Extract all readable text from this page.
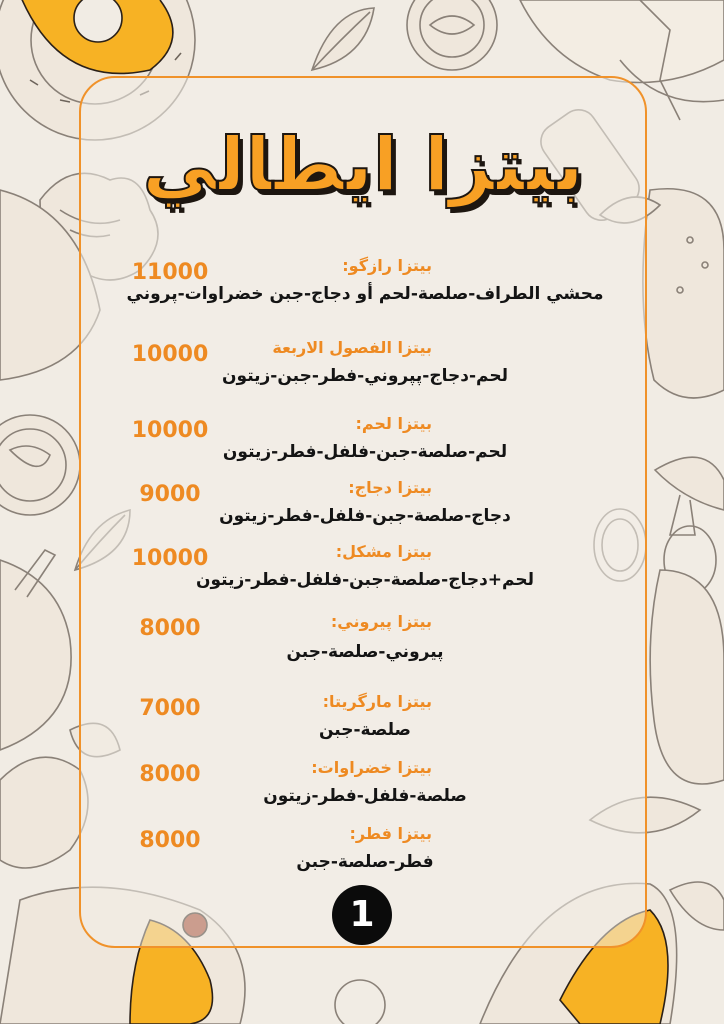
بيتزا ايطالي
11000	بيتزا رازگو:
محشي الطراف-صلصة-لحم أو دجاج-جبن خضراوات-پروني
10000	بيتزا الفصول الاربعة
لحم-دجاج-پپروني-فطر-جبن-زيتون
10000	بيتزا لحم:
لحم-صلصة-جبن-فلفل-فطر-زيتون
9000	بيتزا دجاج:
دجاج-صلصة-جبن-فلفل-فطر-زيتون
10000	بيتزا مشكل:
لحم+دجاج-صلصة-جبن-فلفل-فطر-زيتون
8000	بيتزا پيروني:
پيروني-صلصة-جبن
7000	بيتزا مارگريتا:
صلصة-جبن
8000	بيتزا خضراوات:
صلصة-فلفل-فطر-زيتون
8000	بيتزا فطر:
فطر-صلصة-جبن
1
